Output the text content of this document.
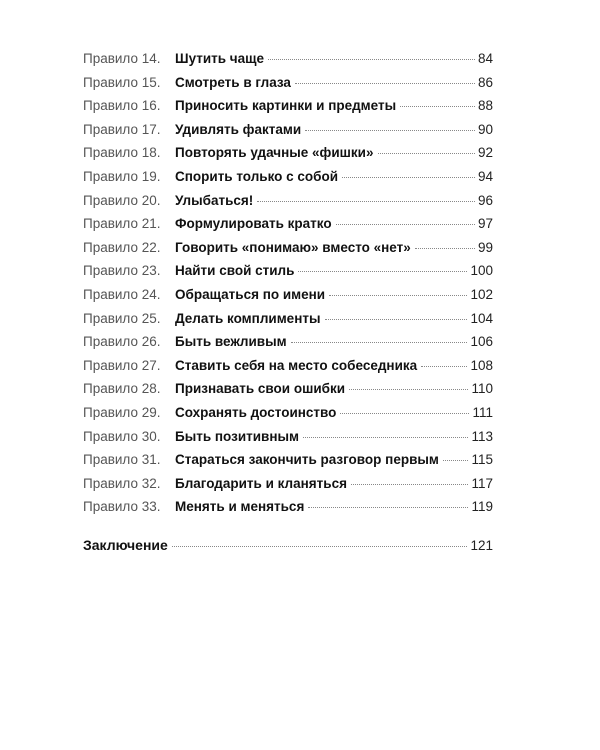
Правило 14.	Шутить чаще	84
Правило 15.	Смотреть в глаза	86
Правило 16.	Приносить картинки и предметы	88
Правило 17.	Удивлять фактами	90
Правило 18.	Повторять удачные «фишки»	92
Правило 19.	Спорить только с собой	94
Правило 20.	Улыбаться!	96
Правило 21.	Формулировать кратко	97
Правило 22.	Говорить «понимаю» вместо «нет»	99
Правило 23.	Найти свой стиль	100
Правило 24.	Обращаться по имени	102
Правило 25.	Делать комплименты	104
Правило 26.	Быть вежливым	106
Правило 27.	Ставить себя на место собеседника	108
Правило 28.	Признавать свои ошибки	110
Правило 29.	Сохранять достоинство	111
Правило 30.	Быть позитивным	113
Правило 31.	Стараться закончить разговор первым 115
Правило 32.	Благодарить и кланяться	117
Правило 33.	Менять и меняться	119
Заключение	121
